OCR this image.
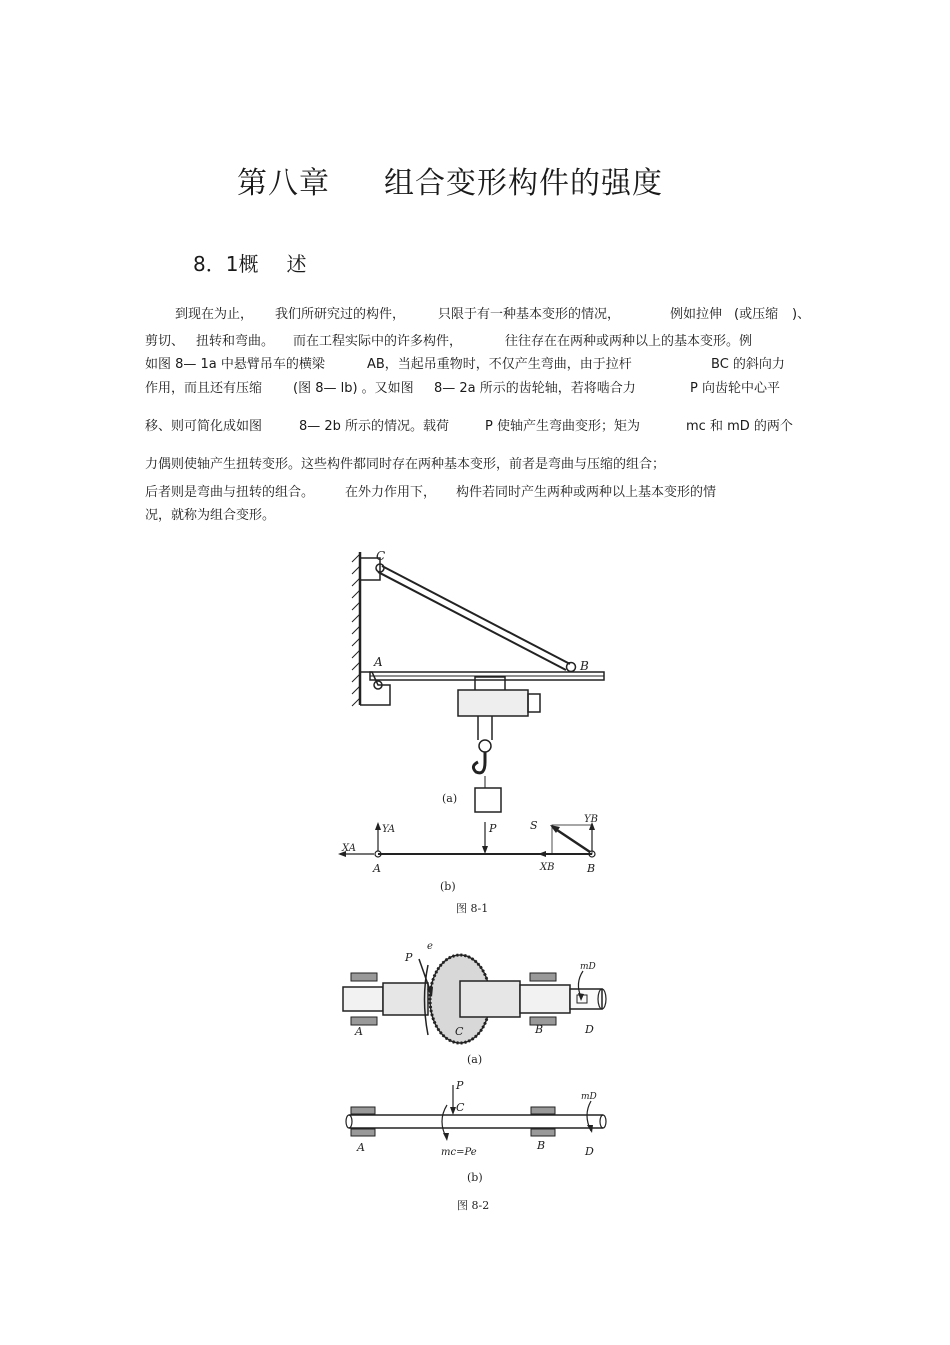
第八章 组合变形构件的强度
8．1概 述
到现在为止， 我们所研究过的构件，	只限于有一种基本变形的情况，	例如拉伸 (或压缩 )、
剪切、 扭转和弯曲。 而在工程实际中的许多构件，	往往存在在两种或两种以上的基本变形。例
如图 8— 1a 中悬臂吊车的横梁	AB，当起吊重物时，不仅产生弯曲，由于拉杆	BC 的斜向力
作用，而且还有压缩 (图 8— lb) 。又如图 8— 2a 所示的齿轮轴，若将啮合力	P 向齿轮中心平
移、则可简化成如图	8— 2b 所示的情况。载荷	P 使轴产生弯曲变形；矩为	mc 和 mD 的两个
力偶则使轴产生扭转变形。这些构件都同时存在两种基本变形，前者是弯曲与压缩的组合；
后者则是弯曲与扭转的组合。 在外力作用下， 构件若同时产生两种或两种以上基本变形的情
况，就称为组合变形。
C
A	B
(a)
YA
XA
P	S	YB
XB
A	B
(b)
图 8-1
P
e
mD
A	C	B	D
(a)
P
C
mD
mc=Pe
A	B	D
(b)
图 8-2
